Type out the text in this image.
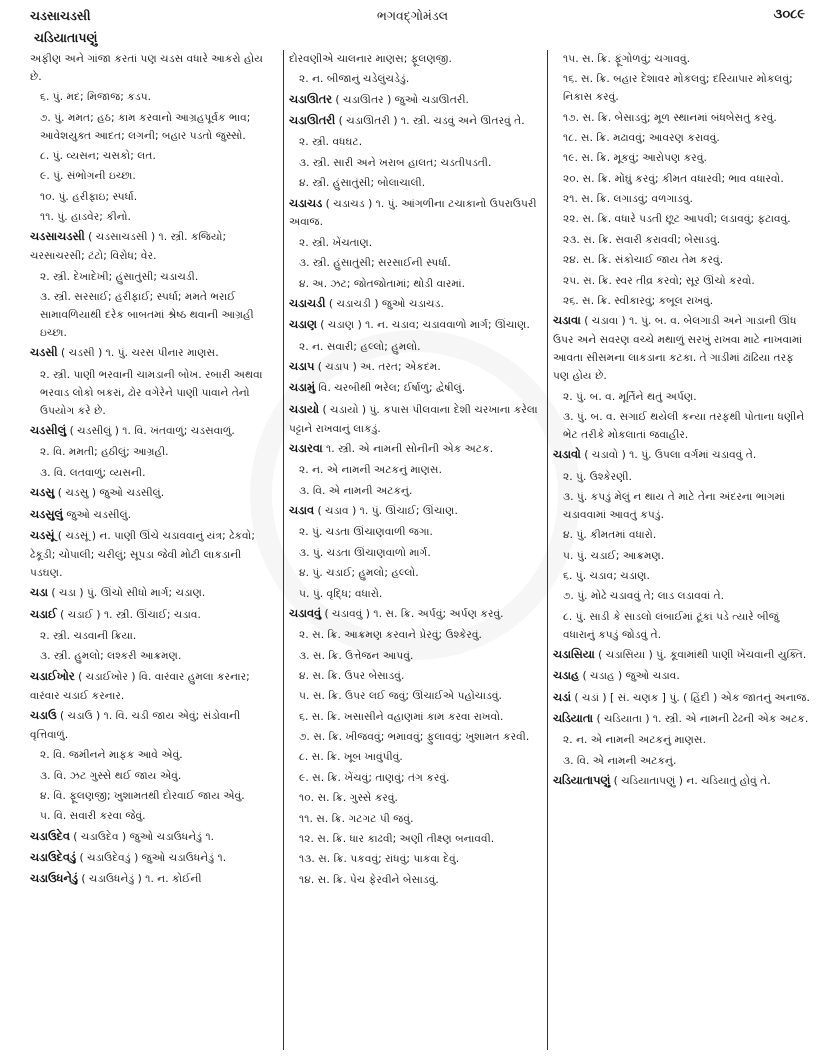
ચડસાચડસી	ભગવદ્ગોમંડલ	૩૦૮૯
ચડિયાતાપણું

અફીણ અને ગાંજા કરતાં પણ ચડસ વધારે આકરો હોય છે.

૬. પું. મદ; મિજાજ; કડપ.

૭. પું. મમત; હઠ; કામ કરવાનો આગ્રહપૂર્વક ભાવ; આવેશયુક્ત આદત; લગની; બહાર પડતો જુસ્સો.

૮. પું. વ્યસન; ચસકો; લત.

૯. પું. સંભોગની ઇચ્છા.

૧૦. પું. હરીફાઇ; સ્પર્ધા.

૧૧. પું. હાડવેર; કીનો.

ચડસાચડસી ( ચડસાચડસી ) ૧. સ્ત્રી. કજિયો; ચરસાચરસી; ટંટો; વિરોધ; વેર.

૨. સ્ત્રી. દેખાદેખી; હુંસાતુંસી; ચડાચડી.

૩. સ્ત્રી. સરસાઈ; હરીફાઈ; સ્પર્ધા; મમતે ભરાઈ સામાવળિયાથી દરેક બાબતમાં શ્રેષ્ઠ થવાની આગ્રહી ઇચ્છા.

ચડસી ( ચડસી ) ૧. પું. ચરસ પીનાર માણસ.

૨. સ્ત્રી. પાણી ભરવાની ચામડાની બોખ. રબારી અથવા ભરવાડ લોકો બકરાં, ઢોર વગેરેને પાણી પાવાને તેનો ઉપયોગ કરે છે.

ચડસીલું ( ચડસીલું ) ૧. વિ. ખંતવાળું; ચડસવાળું.

૨. વિ. મમતી; હઠીલું; આગ્રહી.

૩. વિ. લતવાળું; વ્યસની.

ચડસુ ( ચડસુ ) જુઓ ચડસીલું.

ચડસુલું જુઓ ચડસીલું.

ચડસૂં ( ચડસૂં ) ન. પાણી ઊંચે ચડાવવાનું યંત્ર; ઢેકવો; ઢેકૂડી; ચોપાલી; ચરીલું; સૂપડા જેવી મોટી લાકડાની પડઘણ.

ચડા ( ચડા ) પું. ઊંચો સીધો માર્ગ; ચડાણ.

ચડાઈ ( ચડાઈ ) ૧. સ્ત્રી. ઊંચાઈ; ચડાવ.

૨. સ્ત્રી. ચડવાની ક્રિયા.

૩. સ્ત્રી. હુમલો; લશ્કરી આક્રમણ.

ચડાઈખોર ( ચડાઈખોર ) વિ. વારંવાર હુમલા કરનાર; વારંવાર ચડાઈ કરનાર.

ચડાઉ ( ચડાઉ ) ૧. વિ. ચડી જાય એવું; સંડોવાની વૃત્તિવાળું.

૨. વિ. જમીનને માફક આવે એવું.

૩. વિ. ઝટ ગુસ્સે થઈ જાય એવું.

૪. વિ. ફૂલણજી; ખુશામતથી દોરવાઈ જાય એવું.

૫. વિ. સવારી કરવા જેવું.

ચડાઉદેવ ( ચડાઉદેવ ) જુઓ ચડાઉધનેડું ૧.

ચડાઉદેવડું ( ચડાઉદેવડું ) જુઓ ચડાઉધનેડું ૧.

ચડાઉધનેડું ( ચડાઉધનેડું ) ૧. ન. કોઈની

દોરવણીએ ચાલનાર માણસ; ફૂલણજી.

૨. ન. બીજાનું ચડેલુંચડેડું.

ચડાઊતર ( ચડાઊતર ) જુઓ ચડાઊતરી.

ચડાઊતરી ( ચડાઊતરી ) ૧. સ્ત્રી. ચડવું અને ઊતરવું તે.

૨. સ્ત્રી. વધઘટ.

૩. સ્ત્રી. સારી અને ખરાબ હાલત; ચડતીપડતી.

૪. સ્ત્રી. હુંસાતુંસી; બોલાચાલી.

ચડાચડ ( ચડાચડ ) ૧. પું. આંગળીના ટચાકાનો ઉપરાઉપરી અવાજ.

૨. સ્ત્રી. ખેંચતાણ.

૩. સ્ત્રી. હુંસાતુંસી; સરસાઈની સ્પર્ધા.

૪. અ. ઝટ; જોતજોતામાં; થોડી વારમાં.

ચડાચડી ( ચડાચડી ) જુઓ ચડાચડ.

ચડાણ ( ચડાણ ) ૧. ન. ચડાવ; ચડાવવાળો માર્ગ; ઊંચાણ.

૨. ન. સવારી; હલ્લો; હુમલો.

ચડાપ ( ચડાપ ) અ. તરત; એકદમ.

ચડામું વિ. ચરબીથી ભરેલ; ઈર્ષાળુ; દ્વેષીલું.

ચડાયો ( ચડાયો ) પું. કપાસ પીલવાના દેશી ચરખાના કરેલા પટ્ટાને રાખવાનું લાકડું.

ચડારવા ૧. સ્ત્રી. એ નામની સોનીની એક અટક.

૨. ન. એ નામની અટકનું માણસ.

૩. વિ. એ નામની અટકનું.

ચડાવ ( ચડાવ ) ૧. પું. ઊંચાઈ; ઊંચાણ.

૨. પું. ચડતા ઊંચાણવાળી જગા.

૩. પું. ચડતા ઊંચાણવાળો માર્ગ.

૪. પું. ચડાઈ; હુમલો; હલ્લો.

૫. પું. વૃદ્ધિ; વધારો.

ચડાવવું ( ચડાવવું ) ૧. સ. ક્રિ. અર્પવું; અર્પણ કરવું.

૨. સ. ક્રિ. આક્રમણ કરવાને પ્રેરવું; ઉશ્કેરવું.

૩. સ. ક્રિ. ઉત્તેજન આપવું.

૪. સ. ક્રિ. ઉપર બેસાડવું.

૫. સ. ક્રિ. ઉપર લઈ જવું; ઊંચાઈએ પહોંચાડવું.

૬. સ. ક્રિ. ખસાસીને વહાણમાં કામ કરવા રાખવો.

૭. સ. ક્રિ. ખીજવવું; ભમાવવું; ફુલાવવું; ખુશામત કરવી.

૮. સ. ક્રિ. ખૂબ ખાવુંપીવું.

૯. સ. ક્રિ. ખેંચવું; તાણવું; તંગ કરવું.

૧૦. સ. ક્રિ. ગુસ્સે કરવું.

૧૧. સ. ક્રિ. ગટગટ પી જવું.

૧૨. સ. ક્રિ. ધાર કાઢવી; અણી તીક્ષ્ણ બનાવવી.

૧૩. સ. ક્રિ. પકવવું; રાંધવું; પાકવા દેવું.

૧૪. સ. ક્રિ. પેચ ફેરવીને બેસાડવું.

૧૫. સ. ક્રિ. ફૂંગોળવું; ચગાવવું.

૧૬. સ. ક્રિ. બહાર દેશાવર મોકલવું; દરિયાપાર મોકલવું; નિકાસ કરવું.

૧૭. સ. ક્રિ. બેસાડવું; મૂળ સ્થાનમાં બંધબેસતું કરવું.

૧૮. સ. ક્રિ. મઢાવવું; આવરણ કરાવવું.

૧૯. સ. ક્રિ. મૂકવું; આરોપણ કરવું.

૨૦. સ. ક્રિ. મોંઘું કરવું; કીમત વધારવી; ભાવ વધારવો.

૨૧. સ. ક્રિ. લગાડવું; વળગાડવું.

૨૨. સ. ક્રિ. વધારે પડતી છૂટ આપવી; લડાવવું; ફટાવવું.

૨૩. સ. ક્રિ. સવારી કરાવવી; બેસાડવું.

૨૪. સ. ક્રિ. સંકોચાઈ જાય તેમ કરવું.

૨૫. સ. ક્રિ. સ્વર તીવ્ર કરવો; સૂર ઊંચો કરવો.

૨૬. સ. ક્રિ. સ્વીકારવું; કબૂલ રાખવું.

ચડાવા ( ચડાવા ) ૧. પું. બ. વ. બેલગાડી અને ગાડાની ઊંધ ઉપર અને સવરણ વચ્ચે મથાળું સરખું રાખવા માટે નાખવામાં આવતા સીસમના લાકડાના કટકા. તે ગાડીમાં ઢાંઢિયા તરફ પણ હોય છે.

૨. પું. બ. વ. મૂર્તિને થતું અર્પણ.

૩. પું. બ. વ. સગાઈ થયેલી કન્યા તરફથી પોતાના ધણીને ભેટ તરીકે મોકલાતાં જવાહીર.

ચડાવો ( ચડાવો ) ૧. પું. ઉપલા વર્ગમાં ચડાવવું તે.

૨. પું. ઉશ્કેરણી.

૩. પું. કપડું મેલું ન થાય તે માટે તેના અંદરના ભાગમાં ચડાવવામાં આવતું કપડું.

૪. પું. કીમતમાં વધારો.

૫. પું. ચડાઈ; આક્રમણ.

૬. પું. ચડાવ; ચડાણ.

૭. પું. મોઢે ચડાવવું તે; લાડ લડાવવાં તે.

૮. પું. સાડી કે સાડલો લંબાઈમાં ટૂંકાં પડે ત્યારે બીજું વધારાનું કપડું જોડવું તે.

ચડાસિયા ( ચડાસિયા ) પું. કૂવામાંથી પાણી ખેંચવાની યુક્તિ.

ચડાહ ( ચડાહ ) જુઓ ચડાવ.

ચડાં ( ચડાં ) [ સં. ચણક ] પું. ( હિંદી ) એક જાતનું અનાજ.

ચડિયાતા ( ચડિયાતા ) ૧. સ્ત્રી. એ નામની ઢેઢની એક અટક.

૨. ન. એ નામની અટકનું માણસ.

૩. વિ. એ નામની અટકનું.

ચડિયાતાપણું ( ચડિયાતાપણું ) ન. ચડિયાતું હોવું તે.
